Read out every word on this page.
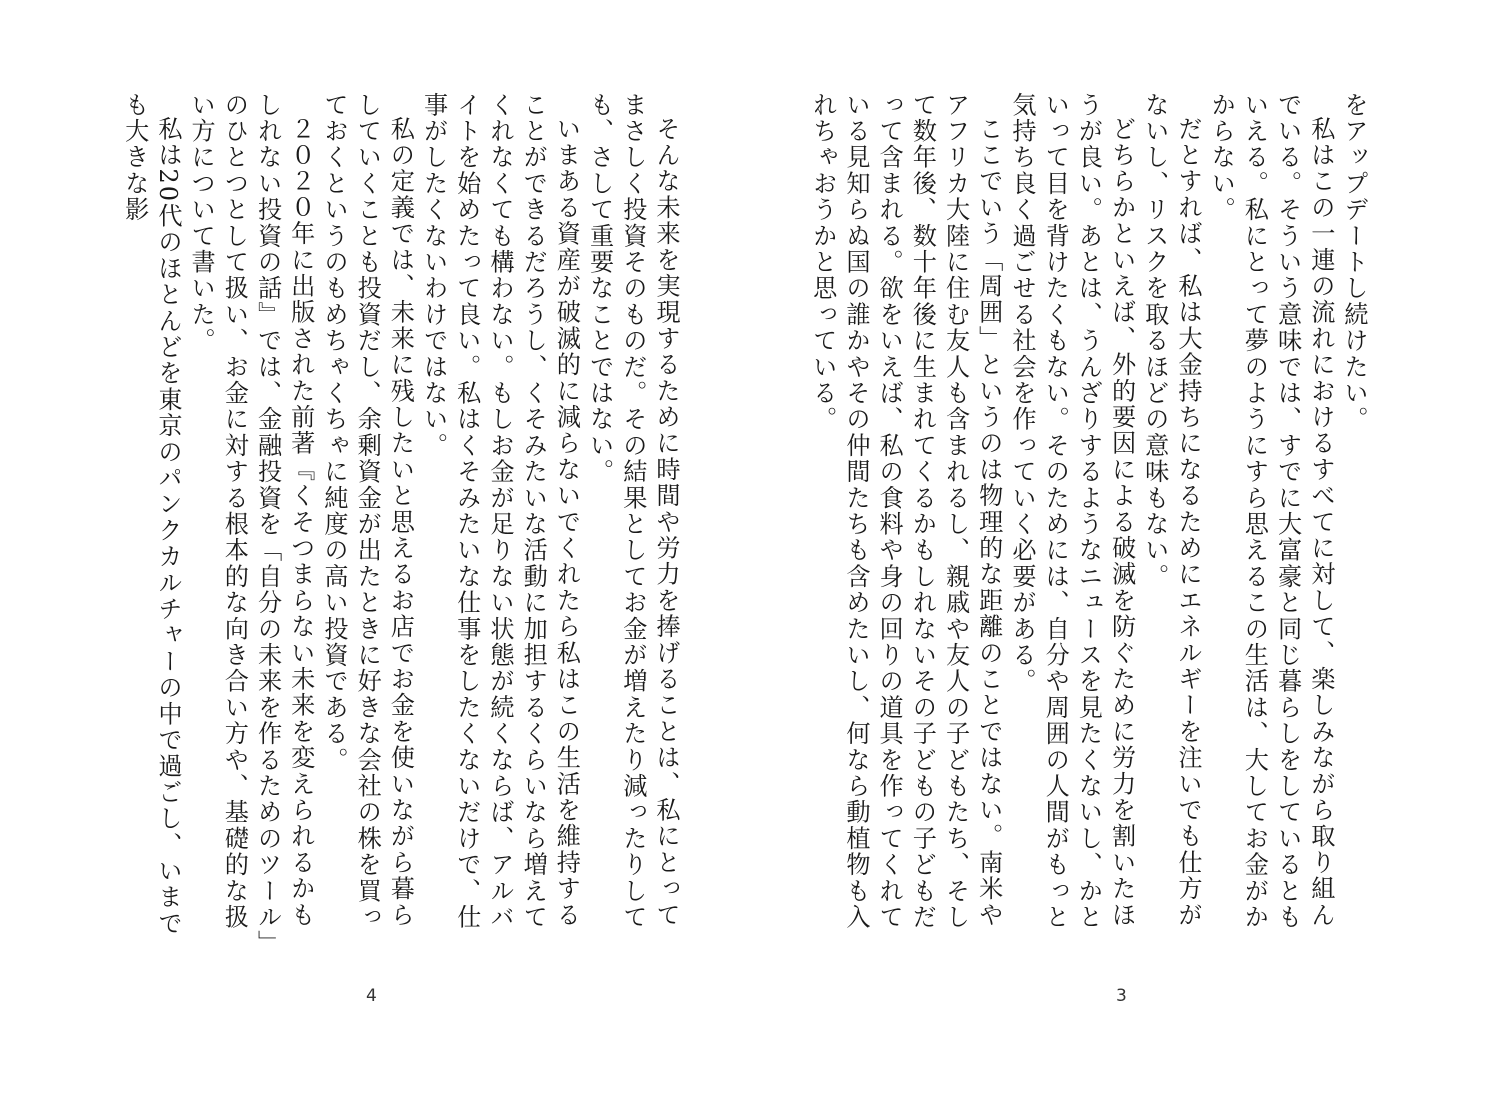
そんな未来を実現するために時間や労力を捧げることは、私にとってまさしく投資そのものだ。その結果としてお金が増えたり減ったりしても、さして重要なことではない。

いまある資産が破滅的に減らないでくれたら私はこの生活を維持することができるだろうし、くそみたいな活動に加担するくらいなら増えてくれなくても構わない。もしお金が足りない状態が続くならば、アルバイトを始めたって良い。私はくそみたいな仕事をしたくないだけで、仕事がしたくないわけではない。

私の定義では、未来に残したいと思えるお店でお金を使いながら暮らしていくことも投資だし、余剰資金が出たときに好きな会社の株を買っておくというのもめちゃくちゃに純度の高い投資である。

２０２０年に出版された前著『くそつまらない未来を変えられるかもしれない投資の話』では、金融投資を「自分の未来を作るためのツール」のひとつとして扱い、お金に対する根本的な向き合い方や、基礎的な扱い方について書いた。

私は20代のほとんどを東京のパンクカルチャーの中で過ごし、いまでも大きな影

4

をアップデートし続けたい。

私はこの一連の流れにおけるすべてに対して、楽しみながら取り組んでいる。そういう意味では、すでに大富豪と同じ暮らしをしているともいえる。私にとって夢のようにすら思えるこの生活は、大してお金がかからない。

だとすれば、私は大金持ちになるためにエネルギーを注いでも仕方がないし、リスクを取るほどの意味もない。

どちらかといえば、外的要因による破滅を防ぐために労力を割いたほうが良い。あとは、うんざりするようなニュースを見たくないし、かといって目を背けたくもない。そのためには、自分や周囲の人間がもっと気持ち良く過ごせる社会を作っていく必要がある。

ここでいう「周囲」というのは物理的な距離のことではない。南米やアフリカ大陸に住む友人も含まれるし、親戚や友人の子どもたち、そして数年後、数十年後に生まれてくるかもしれないその子どもの子どもだって含まれる。欲をいえば、私の食料や身の回りの道具を作ってくれている見知らぬ国の誰かやその仲間たちも含めたいし、何なら動植物も入れちゃおうかと思っている。

3
